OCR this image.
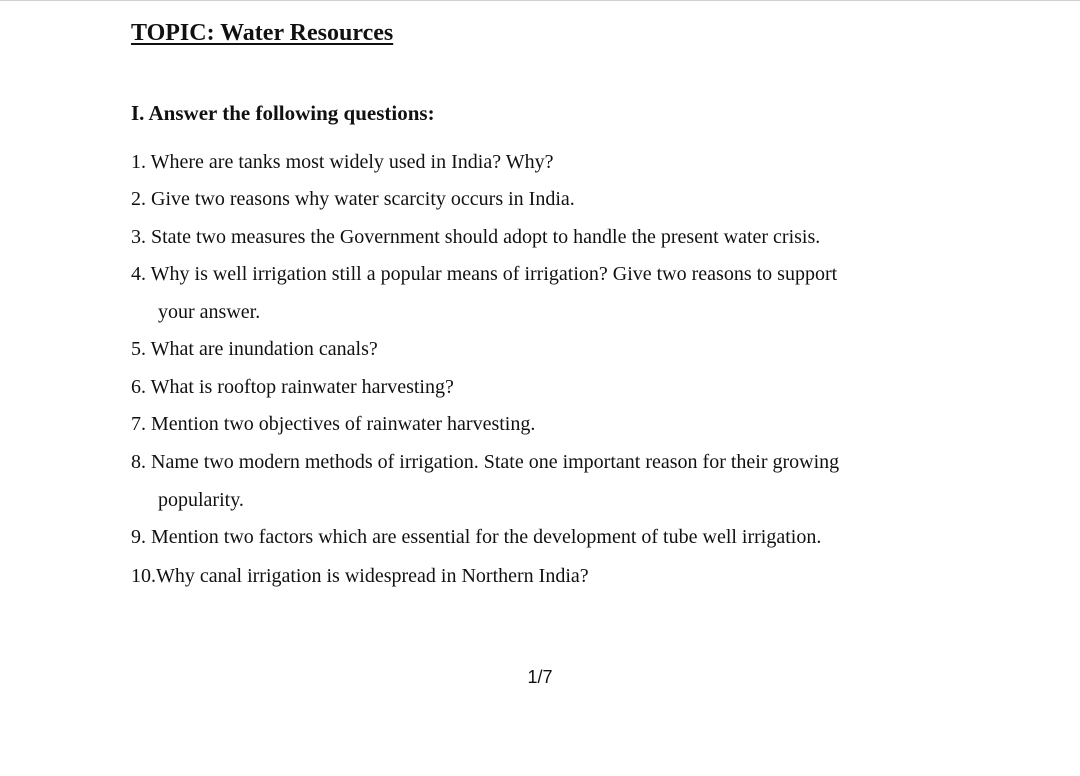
TOPIC: Water Resources
I. Answer the following questions:
1. Where are tanks most widely used in India? Why?
2. Give two reasons why water scarcity occurs in India.
3. State two measures the Government should adopt to handle the present water crisis.
4. Why is well irrigation still a popular means of irrigation? Give two reasons to support
your answer.
5. What are inundation canals?
6. What is rooftop rainwater harvesting?
7. Mention two objectives of rainwater harvesting.
8. Name two modern methods of irrigation. State one important reason for their growing
popularity.
9. Mention two factors which are essential for the development of tube well irrigation.
10.Why canal irrigation is widespread in Northern India?
1/7
